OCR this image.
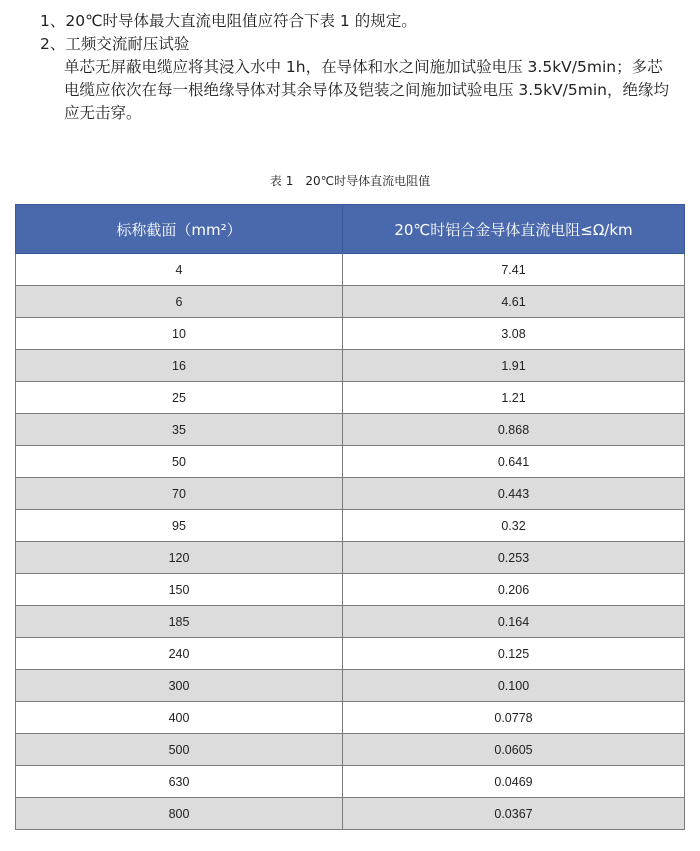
1、20℃时导体最大直流电阻值应符合下表 1 的规定。

2、工频交流耐压试验

单芯无屏蔽电缆应将其浸入水中 1h，在导体和水之间施加试验电压 3.5kV/5min；多芯

电缆应依次在每一根绝缘导体对其余导体及铠装之间施加试验电压 3.5kV/5min，绝缘均

应无击穿。

表 1　20℃时导体直流电阻值
标称截面（mm²）	20℃时铝合金导体直流电阻≤Ω/km
4	7.41
6	4.61
10	3.08
16	1.91
25	1.21
35	0.868
50	0.641
70	0.443
95	0.32
120	0.253
150	0.206
185	0.164
240	0.125
300	0.100
400	0.0778
500	0.0605
630	0.0469
800	0.0367
